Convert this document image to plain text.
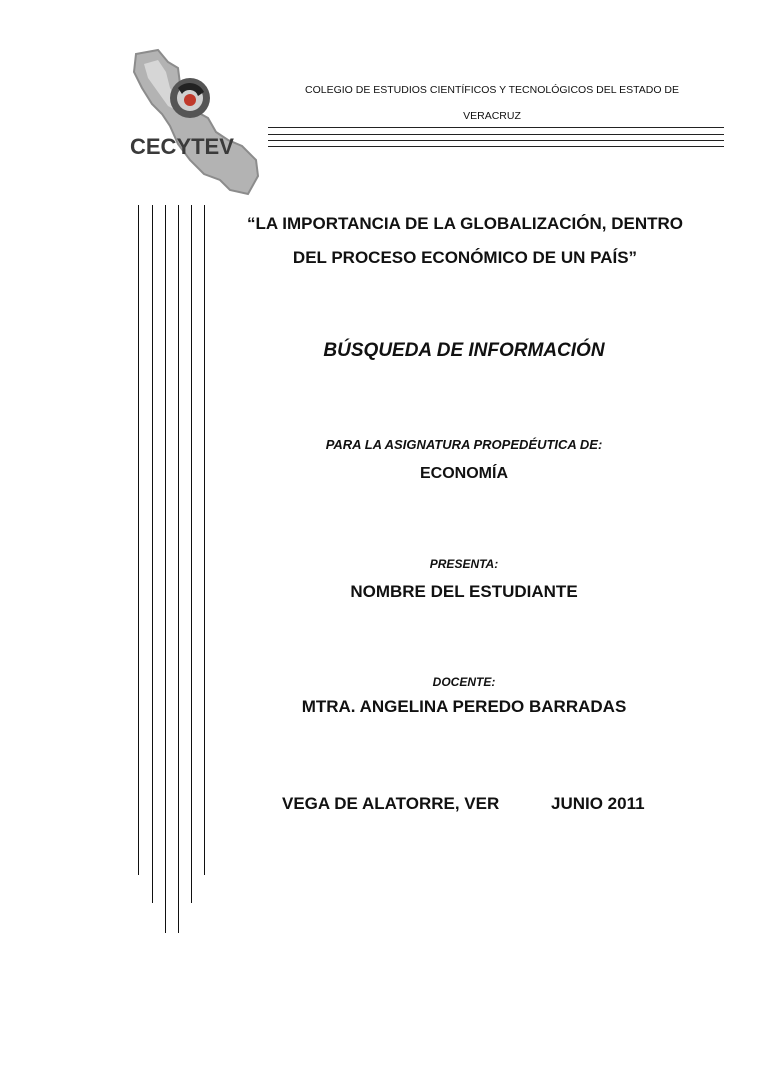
CECYTEV
COLEGIO DE ESTUDIOS CIENTÍFICOS Y TECNOLÓGICOS DEL ESTADO DE
VERACRUZ
“LA IMPORTANCIA DE LA GLOBALIZACIÓN, DENTRO
DEL PROCESO ECONÓMICO DE UN PAÍS”
BÚSQUEDA DE INFORMACIÓN
PARA LA ASIGNATURA PROPEDÉUTICA DE:
ECONOMÍA
PRESENTA:
NOMBRE DEL ESTUDIANTE
DOCENTE:
MTRA. ANGELINA PEREDO BARRADAS
VEGA DE ALATORRE, VER	JUNIO 2011
